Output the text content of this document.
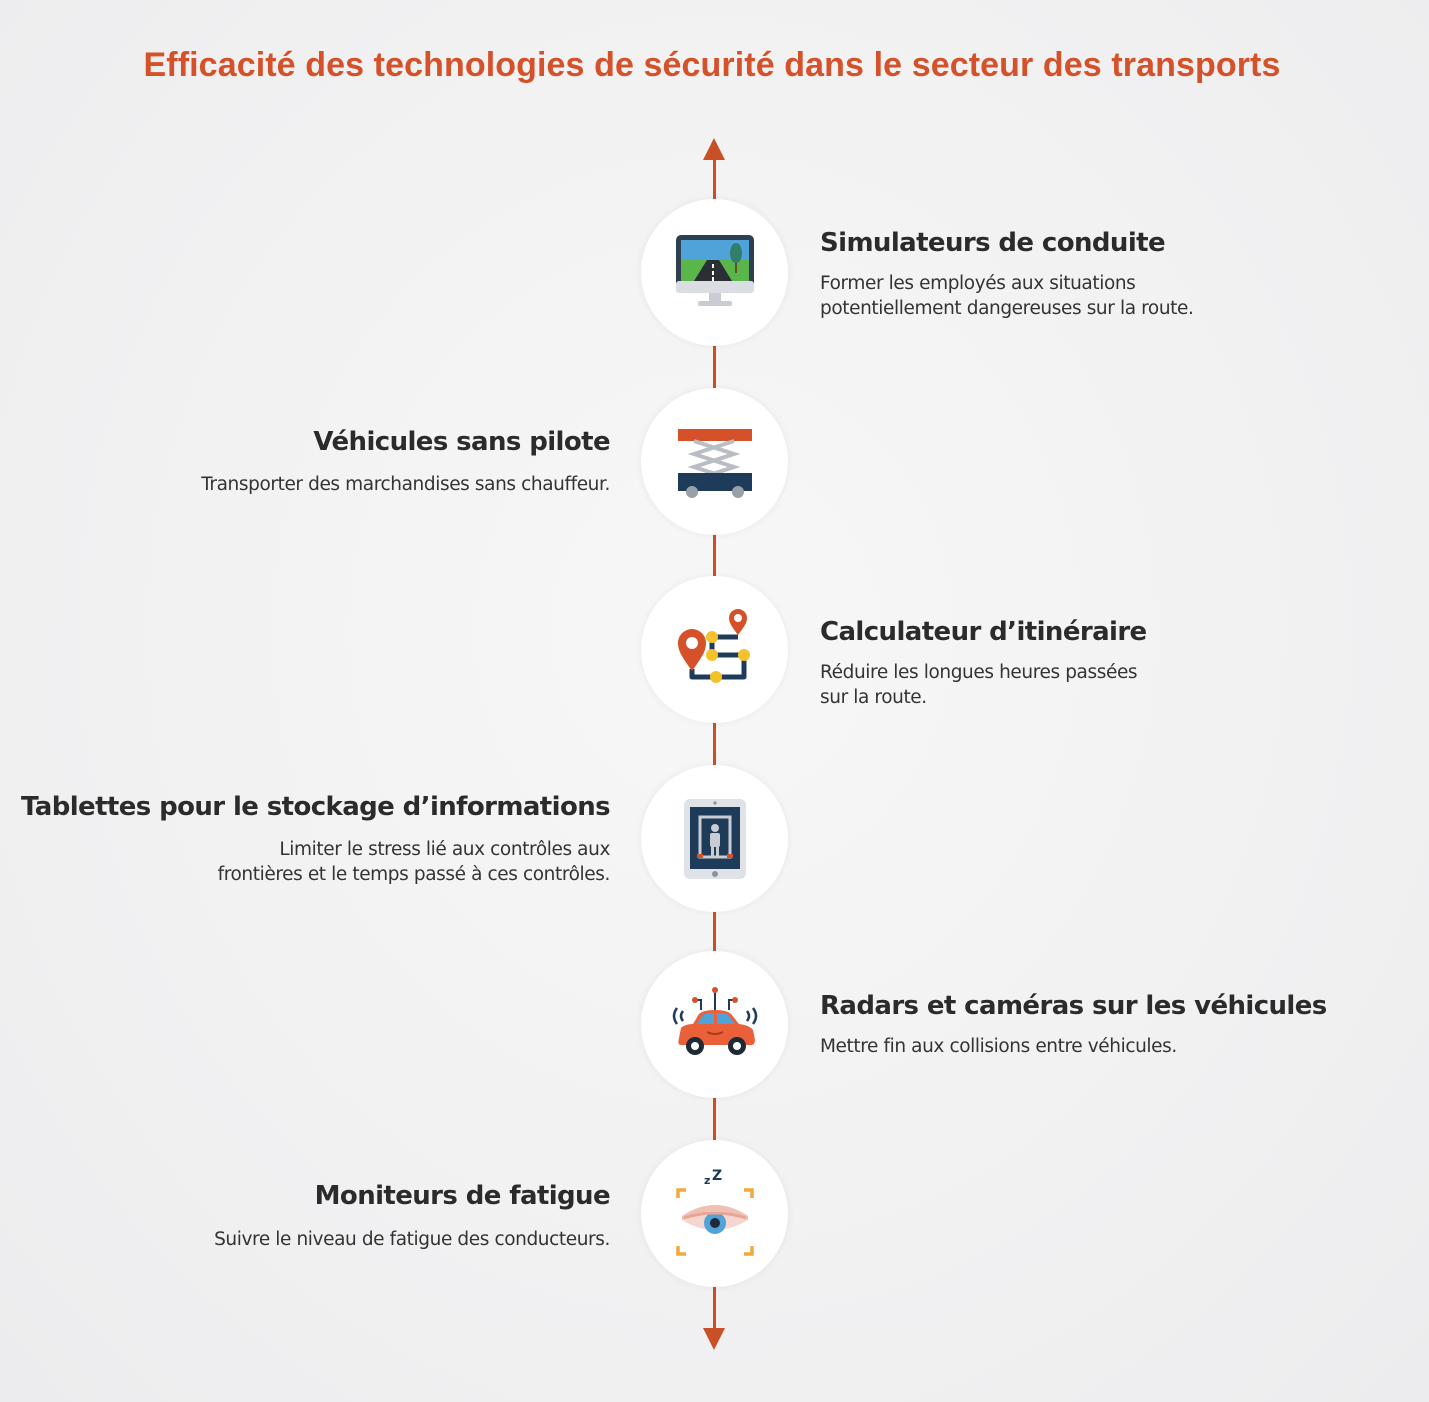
Efficacité des technologies de sécurité dans le secteur des transports
Simulateurs de conduite
Former les employés aux situations
potentiellement dangereuses sur la route.
Véhicules sans pilote
Transporter des marchandises sans chauffeur.
Calculateur d’itinéraire
Réduire les longues heures passées
sur la route.
Tablettes pour le stockage d’informations
Limiter le stress lié aux contrôles aux
frontières et le temps passé à ces contrôles.
Radars et caméras sur les véhicules
Mettre fin aux collisions entre véhicules.
z Z
Moniteurs de fatigue
Suivre le niveau de fatigue des conducteurs.
